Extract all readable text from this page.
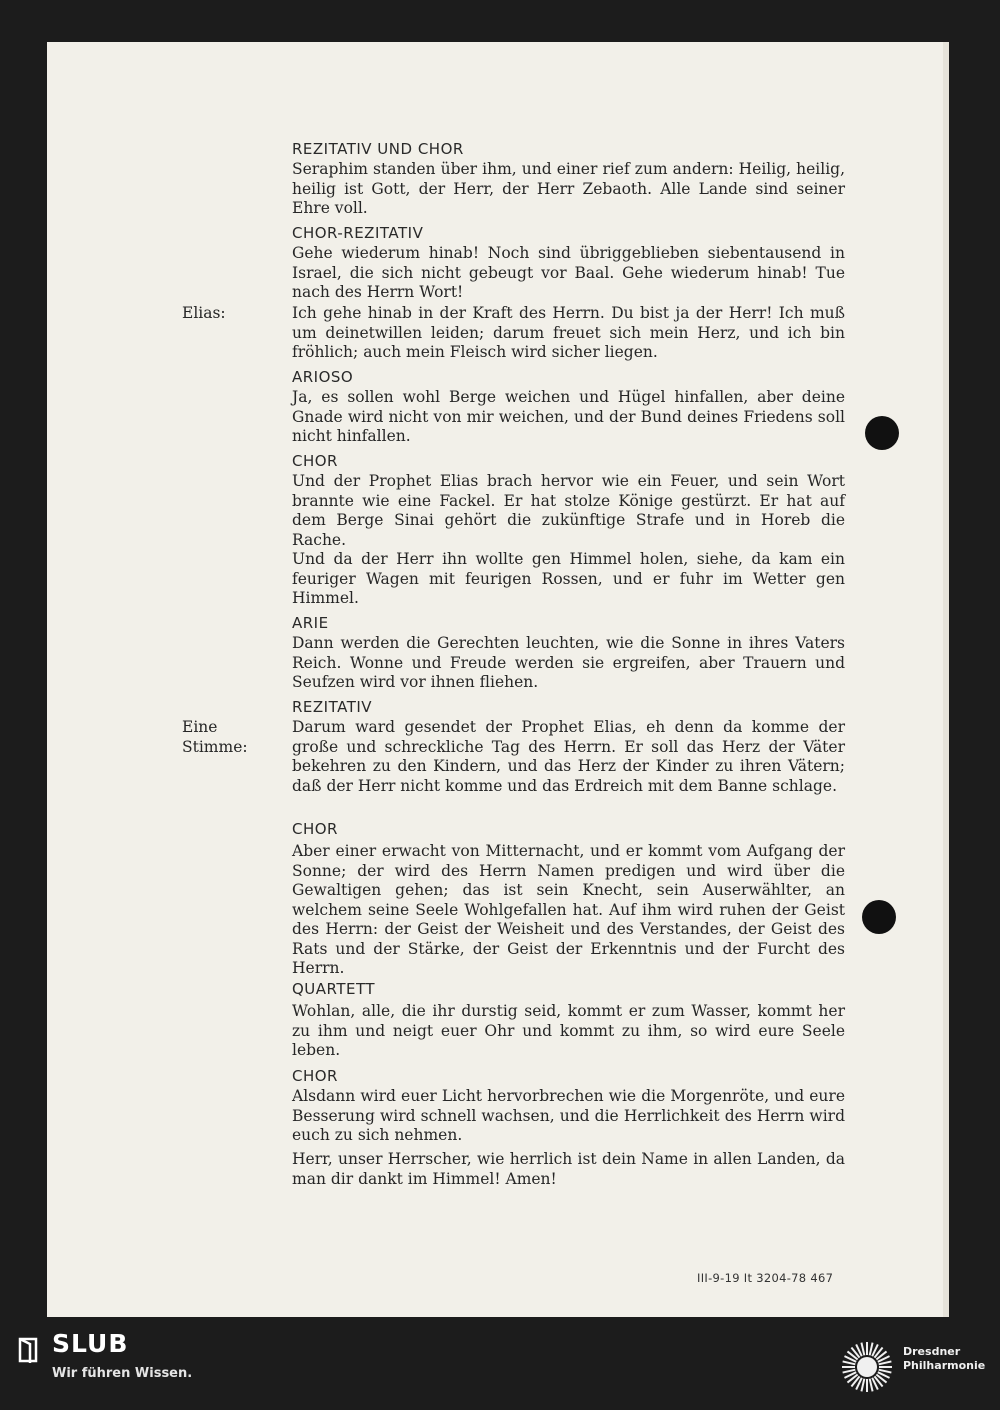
REZITATIV UND CHOR

Seraphim standen über ihm, und einer rief zum andern: Heilig, heilig, heilig ist Gott, der Herr, der Herr Zebaoth. Alle Lande sind seiner Ehre voll.

CHOR-REZITATIV

Gehe wiederum hinab! Noch sind übriggeblieben siebentausend in Israel, die sich nicht gebeugt vor Baal. Gehe wiederum hinab! Tue nach des Herrn Wort!

Elias:	Ich gehe hinab in der Kraft des Herrn. Du bist ja der Herr! Ich muß um deinetwillen leiden; darum freuet sich mein Herz, und ich bin fröhlich; auch mein Fleisch wird sicher liegen.

ARIOSO

Ja, es sollen wohl Berge weichen und Hügel hinfallen, aber deine Gnade wird nicht von mir weichen, und der Bund deines Friedens soll nicht hinfallen.

CHOR

Und der Prophet Elias brach hervor wie ein Feuer, und sein Wort brannte wie eine Fackel. Er hat stolze Könige gestürzt. Er hat auf dem Berge Sinai gehört die zukünftige Strafe und in Horeb die Rache.

Und da der Herr ihn wollte gen Himmel holen, siehe, da kam ein feuriger Wagen mit feurigen Rossen, und er fuhr im Wetter gen Himmel.

ARIE

Dann werden die Gerechten leuchten, wie die Sonne in ihres Vaters Reich. Wonne und Freude werden sie ergreifen, aber Trauern und Seufzen wird vor ihnen fliehen.

REZITATIV
Eine Stimme:

Darum ward gesendet der Prophet Elias, eh denn da komme der große und schreckliche Tag des Herrn. Er soll das Herz der Väter bekehren zu den Kindern, und das Herz der Kinder zu ihren Vätern; daß der Herr nicht komme und das Erdreich mit dem Banne schlage.

CHOR

Aber einer erwacht von Mitternacht, und er kommt vom Aufgang der Sonne; der wird des Herrn Namen predigen und wird über die Gewaltigen gehen; das ist sein Knecht, sein Auserwählter, an welchem seine Seele Wohlgefallen hat. Auf ihm wird ruhen der Geist des Herrn: der Geist der Weisheit und des Verstandes, der Geist des Rats und der Stärke, der Geist der Erkenntnis und der Furcht des Herrn.

QUARTETT

Wohlan, alle, die ihr durstig seid, kommt er zum Wasser, kommt her zu ihm und neigt euer Ohr und kommt zu ihm, so wird eure Seele leben.

CHOR

Alsdann wird euer Licht hervorbrechen wie die Morgenröte, und eure Besserung wird schnell wachsen, und die Herrlichkeit des Herrn wird euch zu sich nehmen.

Herr, unser Herrscher, wie herrlich ist dein Name in allen Landen, da man dir dankt im Himmel! Amen!

III-9-19 It 3204-78 467
SLUB
Wir führen Wissen.
Dresdner
Philharmonie
